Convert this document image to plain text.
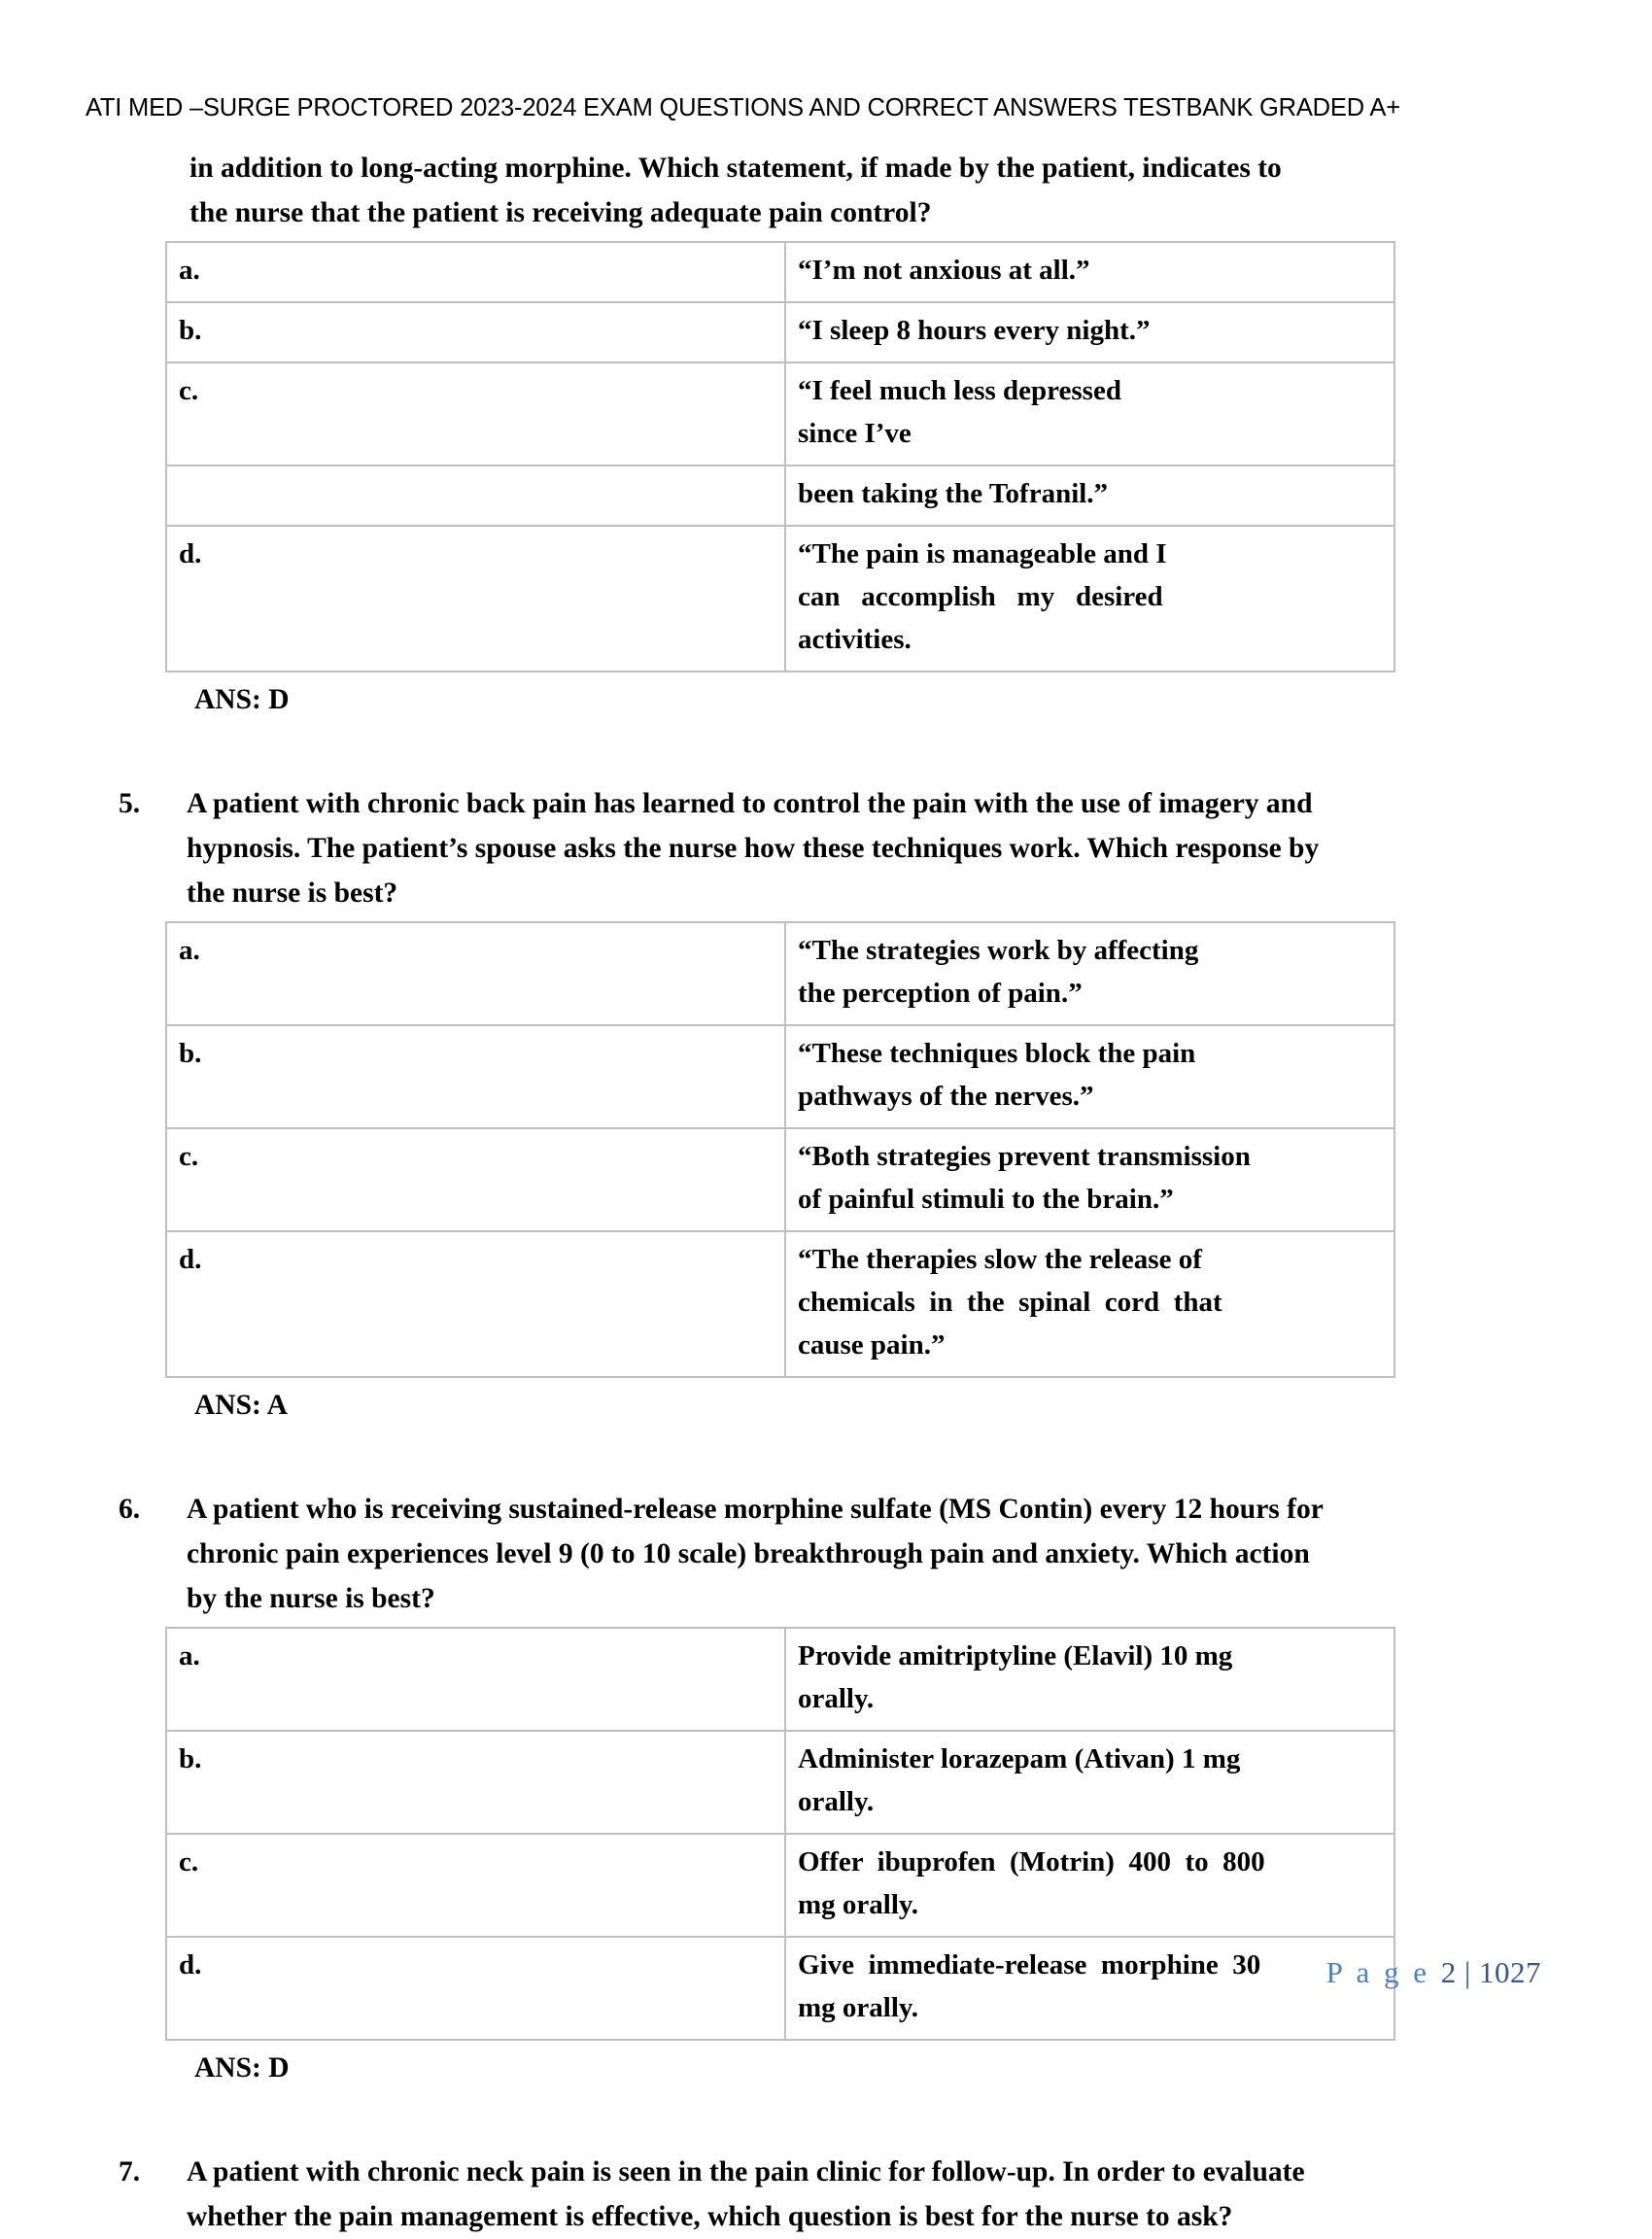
ATI MED –SURGE PROCTORED 2023-2024 EXAM QUESTIONS AND CORRECT ANSWERS TESTBANK GRADED A+
in addition to long-acting morphine. Which statement, if made by the patient, indicates to
the nurse that the patient is receiving adequate pain control?
a.	“I’m not anxious at all.”

b.	“I sleep 8 hours every night.”

c.	“I feel much less depressed
since I’ve

	been taking the Tofranil.”

d.	“The pain is manageable and I
can   accomplish   my   desired
activities.
ANS: D
5.	A patient with chronic back pain has learned to control the pain with the use of imagery and
hypnosis. The patient’s spouse asks the nurse how these techniques work. Which response by
the nurse is best?
a.	“The strategies work by affecting
the perception of pain.”

b.	“These techniques block the pain
pathways of the nerves.”

c.	“Both strategies prevent transmission
of painful stimuli to the brain.”

d.	“The therapies slow the release of
chemicals  in  the  spinal  cord  that
cause pain.”
ANS: A
6.	A patient who is receiving sustained-release morphine sulfate (MS Contin) every 12 hours for
chronic pain experiences level 9 (0 to 10 scale) breakthrough pain and anxiety. Which action
by the nurse is best?
a.	Provide amitriptyline (Elavil) 10 mg
orally.

b.	Administer lorazepam (Ativan) 1 mg
orally.

c.	Offer  ibuprofen  (Motrin)  400  to  800
mg orally.

d.	Give  immediate-release  morphine  30
mg orally.
ANS: D
7.	A patient with chronic neck pain is seen in the pain clinic for follow-up. In order to evaluate
whether the pain management is effective, which question is best for the nurse to ask?
P a g e 2 | 1027
